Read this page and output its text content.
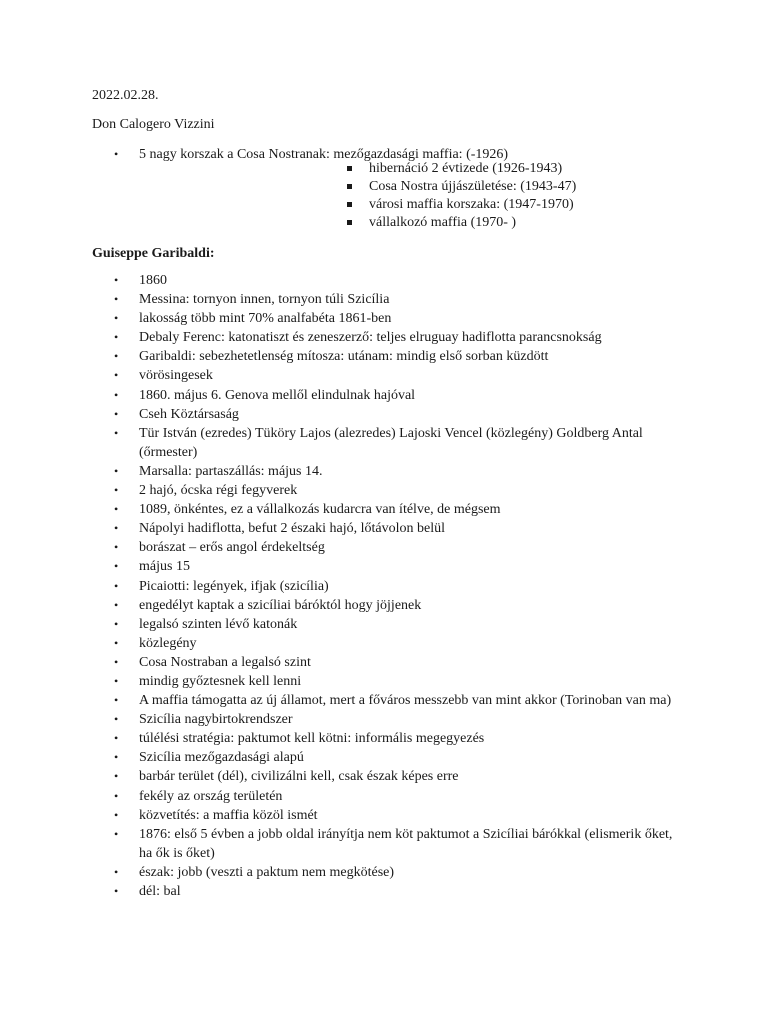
2022.02.28.
Don Calogero Vizzini
• 5 nagy korszak a Cosa Nostranak: mezőgazdasági maffia: (-1926)
hibernáció 2 évtizede (1926-1943)
Cosa Nostra újjászületése: (1943-47)
városi maffia korszaka: (1947-1970)
vállalkozó maffia (1970- )
Guiseppe Garibaldi:
• 1860
• Messina: tornyon innen, tornyon túli Szicília
• lakosság több mint 70% analfabéta 1861-ben
• Debaly Ferenc: katonatiszt és zeneszerző: teljes elruguay hadiflotta parancsnokság
• Garibaldi: sebezhetetlenség mítosza: utánam: mindig első sorban küzdött
• vörösingesek
• 1860. május 6. Genova mellől elindulnak hajóval
• Cseh Köztársaság
• Tür István (ezredes) Tüköry Lajos (alezredes) Lajoski Vencel (közlegény) Goldberg Antal (őrmester)
• Marsalla: partaszállás: május 14.
• 2 hajó, ócska régi fegyverek
• 1089, önkéntes, ez a vállalkozás kudarcra van ítélve, de mégsem
• Nápolyi hadiflotta, befut 2 északi hajó, lőtávolon belül
• borászat – erős angol érdekeltség
• május 15
• Picaiotti: legények, ifjak (szicília)
• engedélyt kaptak a szicíliai báróktól hogy jöjjenek
• legalsó szinten lévő katonák
• közlegény
• Cosa Nostraban a legalsó szint
• mindig győztesnek kell lenni
• A maffia támogatta az új államot, mert a főváros messzebb van mint akkor (Torinoban van ma)
• Szicília nagybirtokrendszer
• túlélési stratégia: paktumot kell kötni: informális megegyezés
• Szicília mezőgazdasági alapú
• barbár terület (dél), civilizálni kell, csak észak képes erre
• fekély az ország területén
• közvetítés: a maffia közöl ismét
• 1876: első 5 évben a jobb oldal irányítja nem köt paktumot a Szicíliai bárókkal (elismerik őket, ha ők is őket)
• észak: jobb (veszti a paktum nem megkötése)
• dél: bal
